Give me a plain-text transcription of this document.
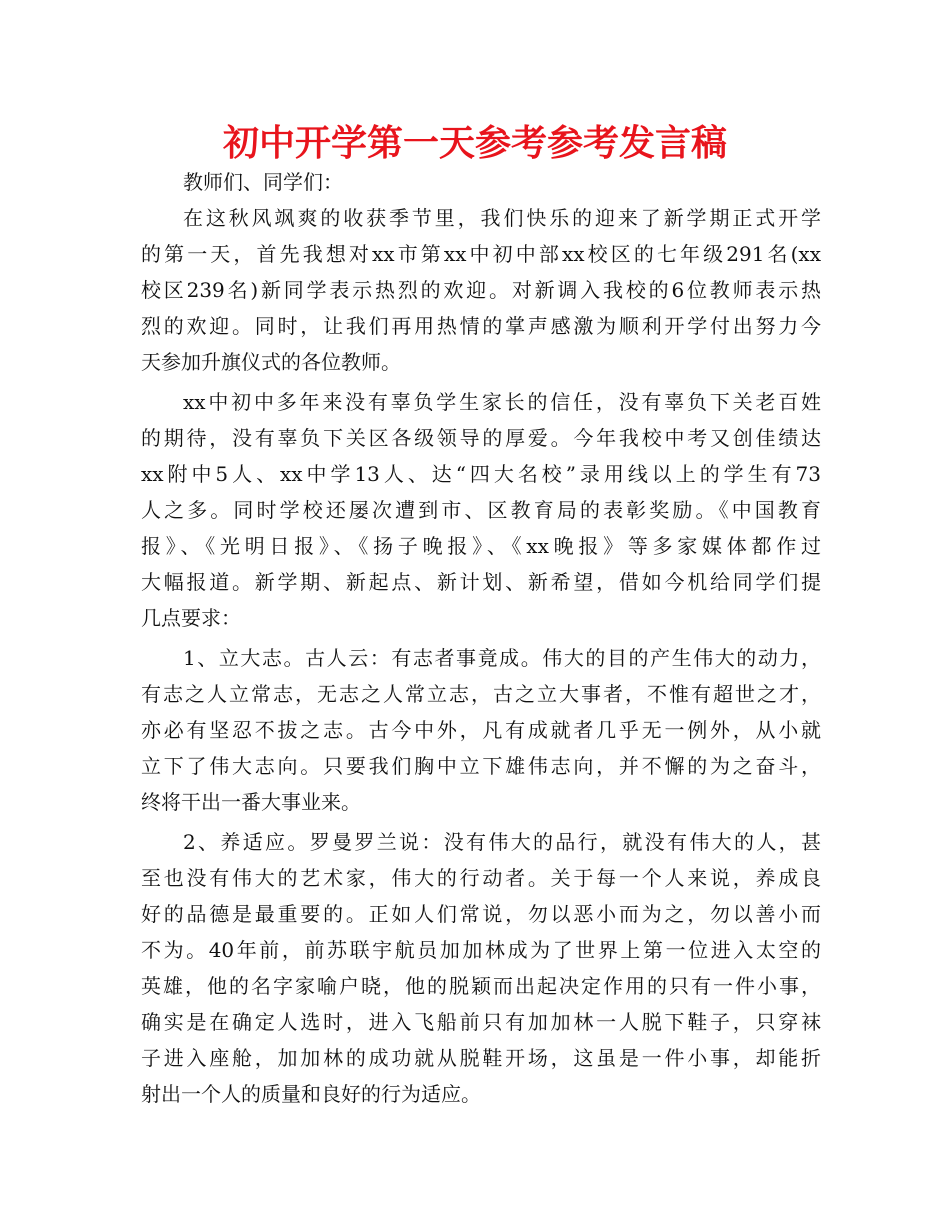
初中开学第一天参考参考发言稿

教师们、同学们：

在这秋风飒爽的收获季节里，我们快乐的迎来了新学期正式开学
的第一天，首先我想对xx市第xx中初中部xx校区的七年级291名(xx
校区239名)新同学表示热烈的欢迎。对新调入我校的6位教师表示热
烈的欢迎。同时，让我们再用热情的掌声感激为顺利开学付出努力今
天参加升旗仪式的各位教师。
xx中初中多年来没有辜负学生家长的信任，没有辜负下关老百姓
的期待，没有辜负下关区各级领导的厚爱。今年我校中考又创佳绩达
xx附中5人、xx中学13人、达“四大名校”录用线以上的学生有73
人之多。同时学校还屡次遭到市、区教育局的表彰奖励。《中国教育
报》、《光明日报》、《扬子晚报》、《xx晚报》等多家媒体都作过
大幅报道。新学期、新起点、新计划、新希望，借如今机给同学们提
几点要求：
1、立大志。古人云：有志者事竟成。伟大的目的产生伟大的动力，
有志之人立常志，无志之人常立志，古之立大事者，不惟有超世之才，
亦必有坚忍不拔之志。古今中外，凡有成就者几乎无一例外，从小就
立下了伟大志向。只要我们胸中立下雄伟志向，并不懈的为之奋斗，
终将干出一番大事业来。
2、养适应。罗曼罗兰说：没有伟大的品行，就没有伟大的人，甚
至也没有伟大的艺术家，伟大的行动者。关于每一个人来说，养成良
好的品德是最重要的。正如人们常说，勿以恶小而为之，勿以善小而
不为。40年前，前苏联宇航员加加林成为了世界上第一位进入太空的
英雄，他的名字家喻户晓，他的脱颖而出起决定作用的只有一件小事，
确实是在确定人选时，进入飞船前只有加加林一人脱下鞋子，只穿袜
子进入座舱，加加林的成功就从脱鞋开场，这虽是一件小事，却能折
射出一个人的质量和良好的行为适应。
